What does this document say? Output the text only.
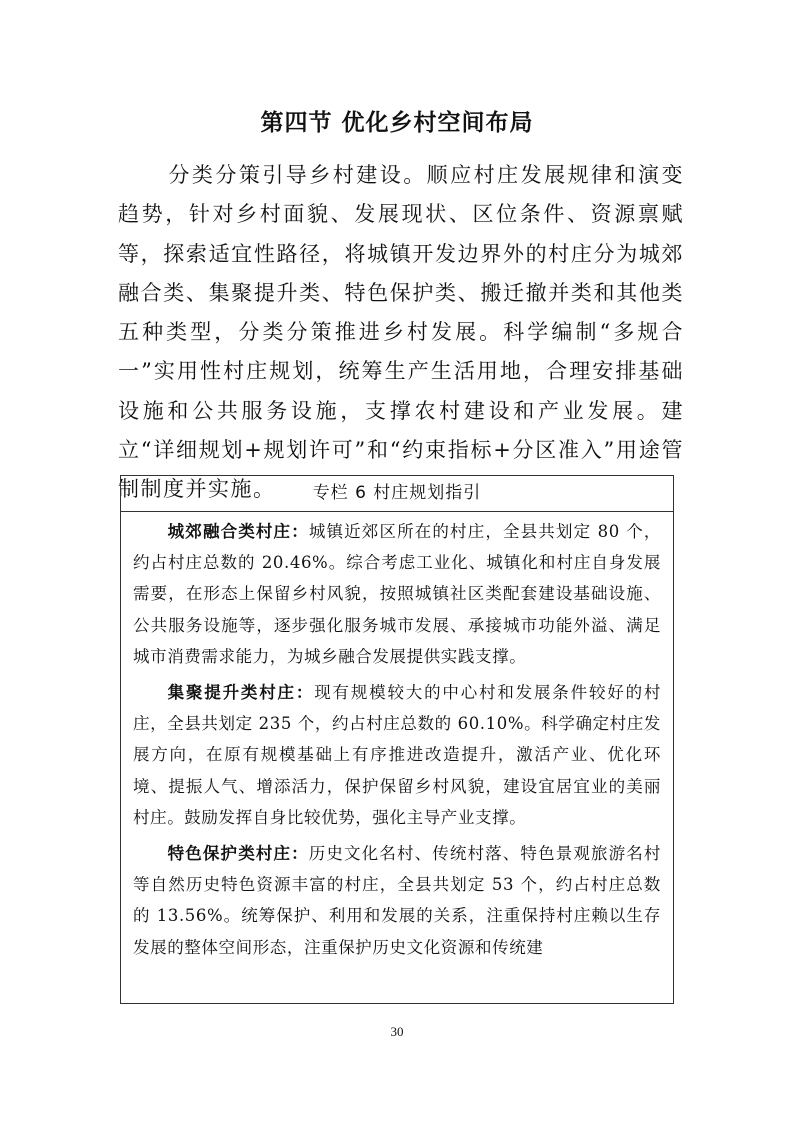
第四节 优化乡村空间布局

分类分策引导乡村建设。顺应村庄发展规律和演变趋势，针对乡村面貌、发展现状、区位条件、资源禀赋等，探索适宜性路径，将城镇开发边界外的村庄分为城郊融合类、集聚提升类、特色保护类、搬迁撤并类和其他类五种类型，分类分策推进乡村发展。科学编制“多规合一”实用性村庄规划，统筹生产生活用地，合理安排基础设施和公共服务设施，支撑农村建设和产业发展。建立“详细规划+规划许可”和“约束指标+分区准入”用途管制制度并实施。	专栏 6 村庄规划指引

城郊融合类村庄：城镇近郊区所在的村庄，全县共划定 80 个，约占村庄总数的 20.46%。综合考虑工业化、城镇化和村庄自身发展需要，在形态上保留乡村风貌，按照城镇社区类配套建设基础设施、公共服务设施等，逐步强化服务城市发展、承接城市功能外溢、满足城市消费需求能力，为城乡融合发展提供实践支撑。

集聚提升类村庄：现有规模较大的中心村和发展条件较好的村庄，全县共划定 235 个，约占村庄总数的 60.10%。科学确定村庄发展方向，在原有规模基础上有序推进改造提升，激活产业、优化环境、提振人气、增添活力，保护保留乡村风貌，建设宜居宜业的美丽村庄。鼓励发挥自身比较优势，强化主导产业支撑。

特色保护类村庄：历史文化名村、传统村落、特色景观旅游名村等自然历史特色资源丰富的村庄，全县共划定 53 个，约占村庄总数的 13.56%。统筹保护、利用和发展的关系，注重保持村庄赖以生存发展的整体空间形态，注重保护历史文化资源和传统建

30
